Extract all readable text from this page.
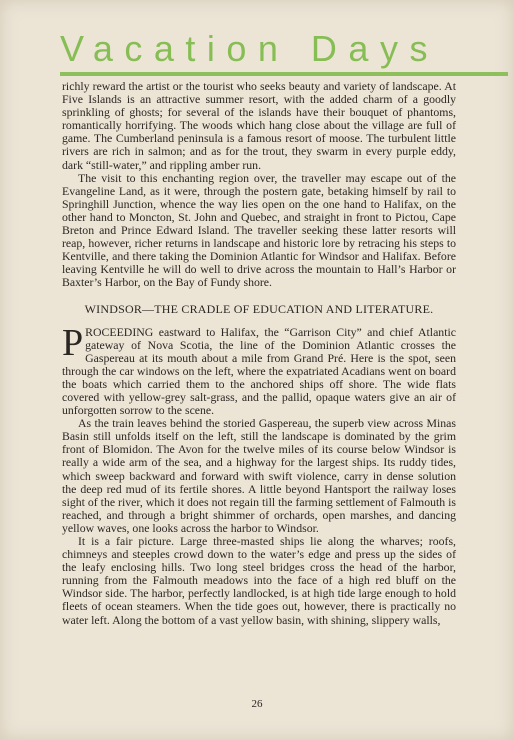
Vacation Days

richly reward the artist or the tourist who seeks beauty and variety of landscape. At Five Islands is an attractive summer resort, with the added charm of a goodly sprinkling of ghosts; for several of the islands have their bouquet of phantoms, romantically horrifying. The woods which hang close about the village are full of game. The Cumberland peninsula is a famous resort of moose. The turbulent little rivers are rich in salmon; and as for the trout, they swarm in every purple eddy, dark “still-water,” and rippling amber run.

The visit to this enchanting region over, the traveller may escape out of the Evangeline Land, as it were, through the postern gate, betaking himself by rail to Springhill Junction, whence the way lies open on the one hand to Halifax, on the other hand to Moncton, St. John and Quebec, and straight in front to Pictou, Cape Breton and Prince Edward Island. The traveller seeking these latter resorts will reap, however, richer returns in landscape and historic lore by retracing his steps to Kentville, and there taking the Dominion Atlantic for Windsor and Halifax. Before leaving Kentville he will do well to drive across the mountain to Hall’s Harbor or Baxter’s Harbor, on the Bay of Fundy shore.

WINDSOR—THE CRADLE OF EDUCATION AND LITERATURE.

PROCEEDING eastward to Halifax, the “Garrison City” and chief Atlantic gateway of Nova Scotia, the line of the Dominion Atlantic crosses the Gaspereau at its mouth about a mile from Grand Pré. Here is the spot, seen through the car windows on the left, where the expatriated Acadians went on board the boats which carried them to the anchored ships off shore. The wide flats covered with yellow-grey salt-grass, and the pallid, opaque waters give an air of unforgotten sorrow to the scene.

As the train leaves behind the storied Gaspereau, the superb view across Minas Basin still unfolds itself on the left, still the landscape is dominated by the grim front of Blomidon. The Avon for the twelve miles of its course below Windsor is really a wide arm of the sea, and a highway for the largest ships. Its ruddy tides, which sweep backward and forward with swift violence, carry in dense solution the deep red mud of its fertile shores. A little beyond Hantsport the railway loses sight of the river, which it does not regain till the farming settlement of Falmouth is reached, and through a bright shimmer of orchards, open marshes, and dancing yellow waves, one looks across the harbor to Windsor.

It is a fair picture. Large three-masted ships lie along the wharves; roofs, chimneys and steeples crowd down to the water’s edge and press up the sides of the leafy enclosing hills. Two long steel bridges cross the head of the harbor, running from the Falmouth meadows into the face of a high red bluff on the Windsor side. The harbor, perfectly landlocked, is at high tide large enough to hold fleets of ocean steamers. When the tide goes out, however, there is practically no water left. Along the bottom of a vast yellow basin, with shining, slippery walls,

26
